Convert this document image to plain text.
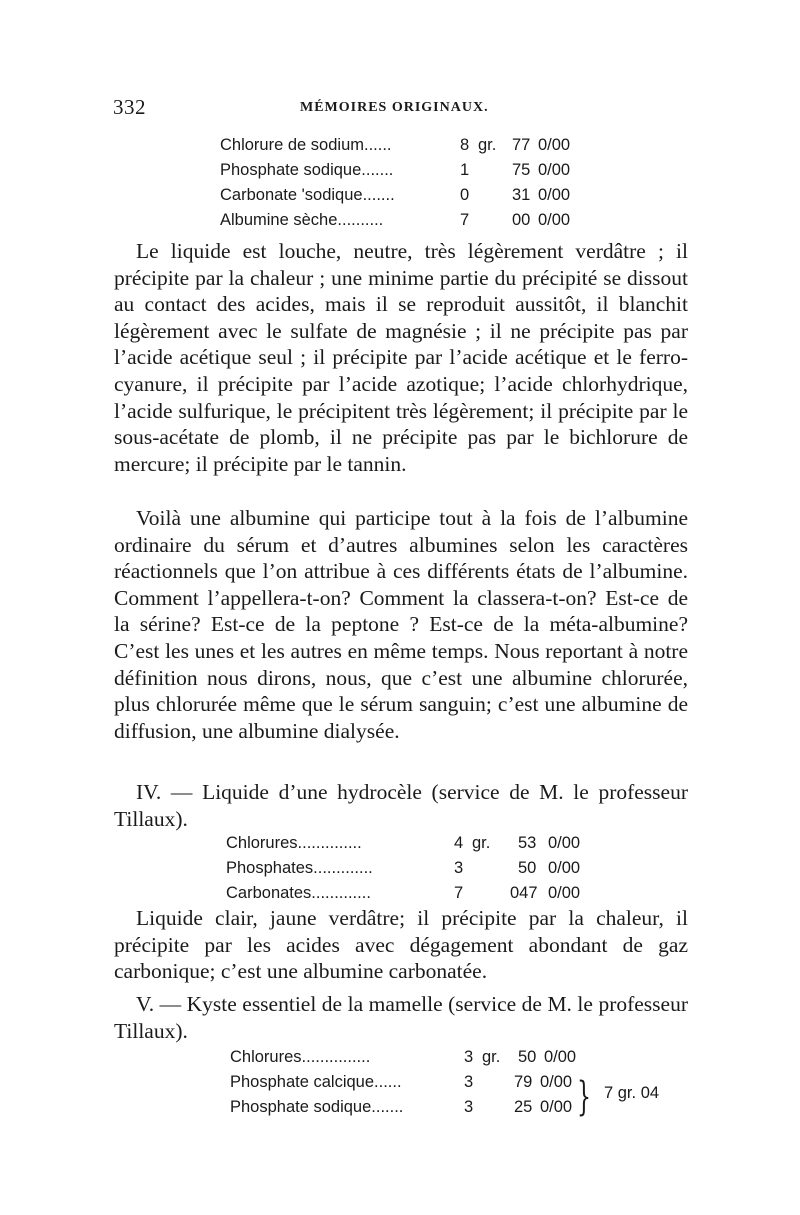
332	MÉMOIRES ORIGINAUX.
Chlorure de sodium......	8 gr. 77 0/00
Phosphate sodique.......	1	75 0/00
Carbonate 'sodique.......	0	31 0/00
Albumine sèche..........	7	00 0/00

Le liquide est louche, neutre, très légèrement verdâtre ; il précipite par la chaleur ; une minime partie du précipité se dissout au contact des acides, mais il se reproduit aussitôt, il blanchit légèrement avec le sulfate de magnésie ; il ne précipite pas par l’acide acétique seul ; il précipite par l’acide acétique et le ferro-cyanure, il précipite par l’acide azotique; l’acide chlorhydrique, l’acide sulfurique, le précipitent très légèrement; il précipite par le sous-acétate de plomb, il ne précipite pas par le bichlorure de mercure; il précipite par le tannin.

Voilà une albumine qui participe tout à la fois de l’albumine ordinaire du sérum et d’autres albumines selon les caractères réactionnels que l’on attribue à ces différents états de l’albumine. Comment l’appellera-t-on? Comment la classera-t-on? Est-ce de la sérine? Est-ce de la peptone ? Est-ce de la méta-albumine? C’est les unes et les autres en même temps. Nous reportant à notre définition nous dirons, nous, que c’est une albumine chlorurée, plus chlorurée même que le sérum sanguin; c’est une albumine de diffusion, une albumine dialysée.

IV. — Liquide d’une hydrocèle (service de M. le professeur Tillaux).

Chlorures..............	4 gr. 53 0/00
Phosphates.............	3	50 0/00
Carbonates.............	7	047 0/00

Liquide clair, jaune verdâtre; il précipite par la chaleur, il précipite par les acides avec dégagement abondant de gaz carbonique; c’est une albumine carbonatée.

V. — Kyste essentiel de la mamelle (service de M. le professeur Tillaux).

Chlorures...............	3 gr. 50 0/00
Phosphate calcique......	3 79 0/00
Phosphate sodique.......	3 25 0/00 } 7 gr. 04
